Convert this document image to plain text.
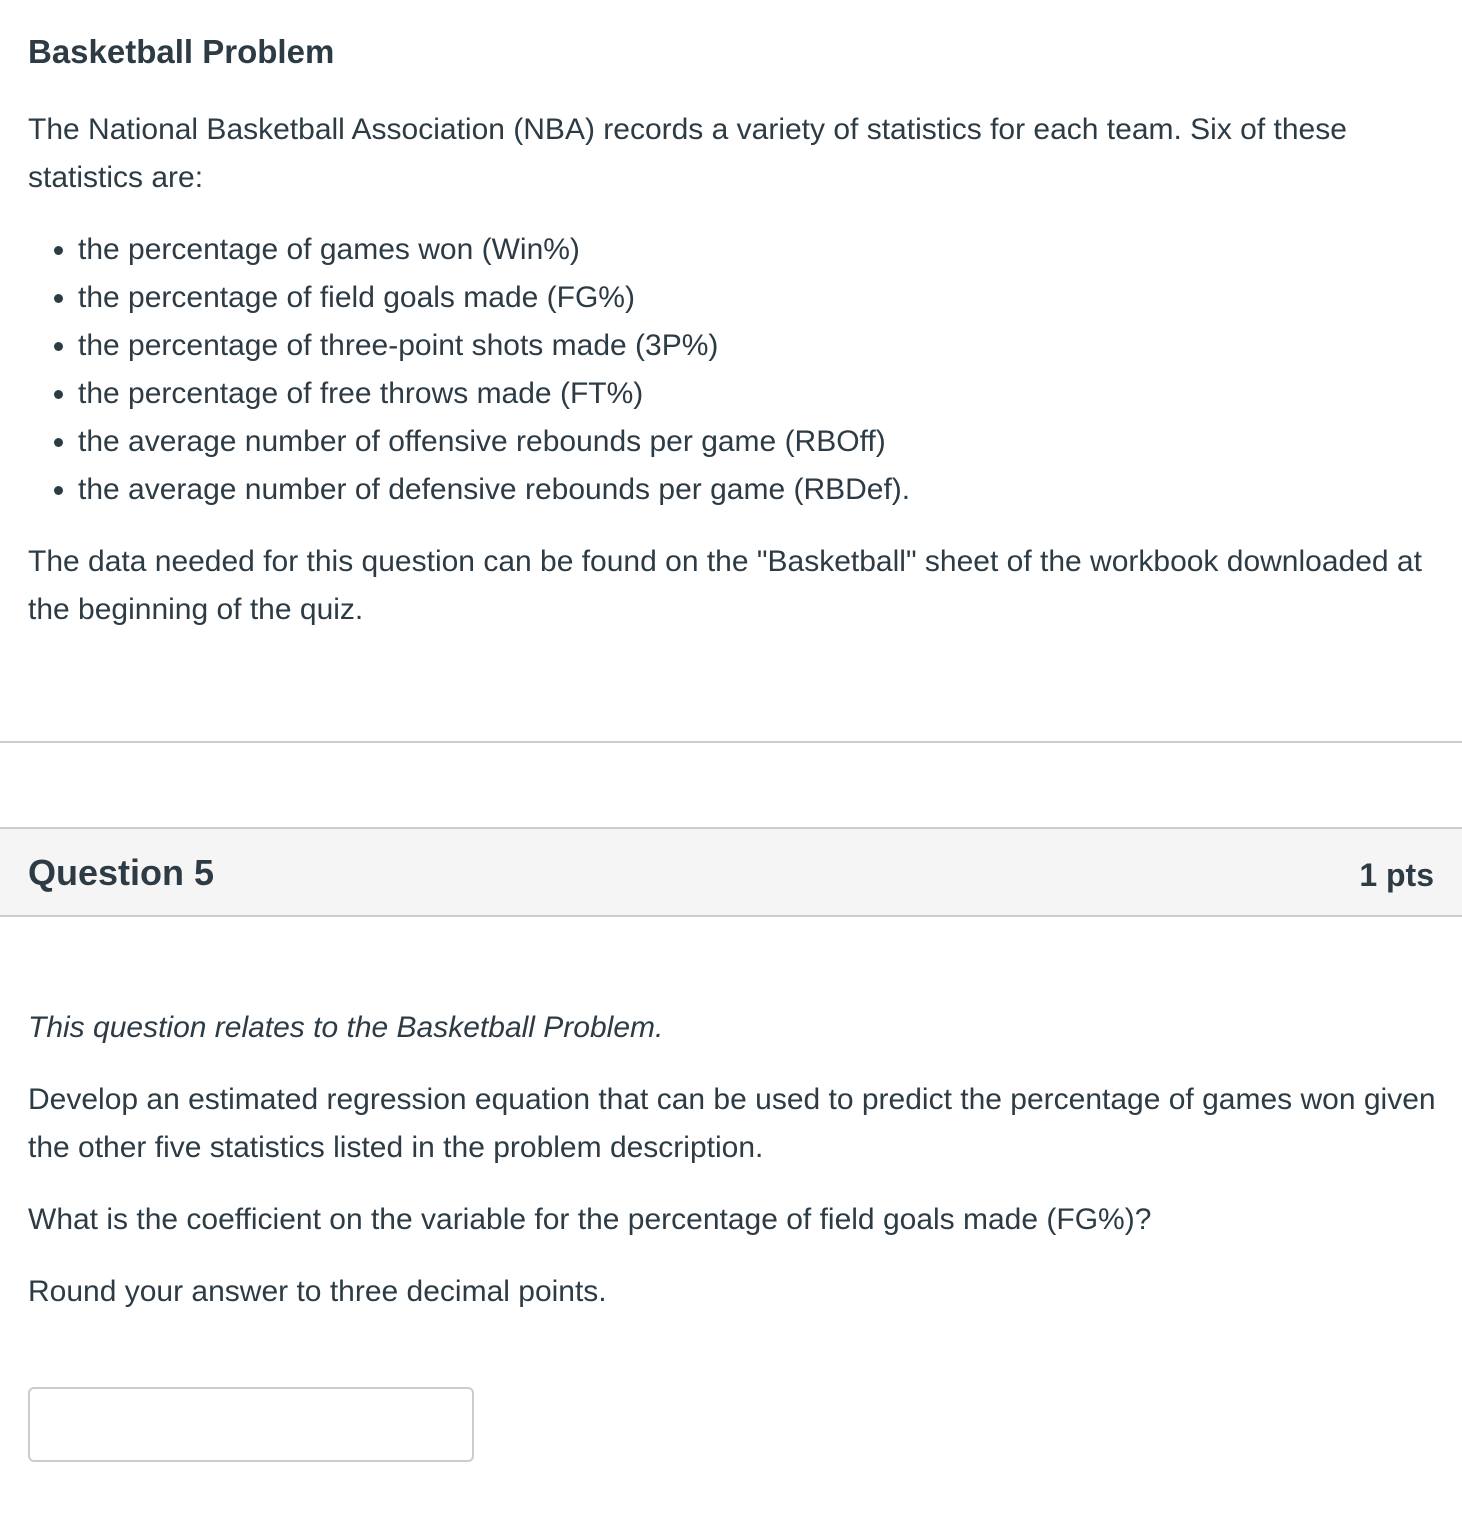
Basketball Problem

The National Basketball Association (NBA) records a variety of statistics for each team. Six of these statistics are:

• the percentage of games won (Win%)
• the percentage of field goals made (FG%)
• the percentage of three-point shots made (3P%)
• the percentage of free throws made (FT%)
• the average number of offensive rebounds per game (RBOff)
• the average number of defensive rebounds per game (RBDef).

The data needed for this question can be found on the "Basketball" sheet of the workbook downloaded at the beginning of the quiz.

Question 5	1 pts

This question relates to the Basketball Problem.

Develop an estimated regression equation that can be used to predict the percentage of games won given the other five statistics listed in the problem description.

What is the coefficient on the variable for the percentage of field goals made (FG%)?

Round your answer to three decimal points.
